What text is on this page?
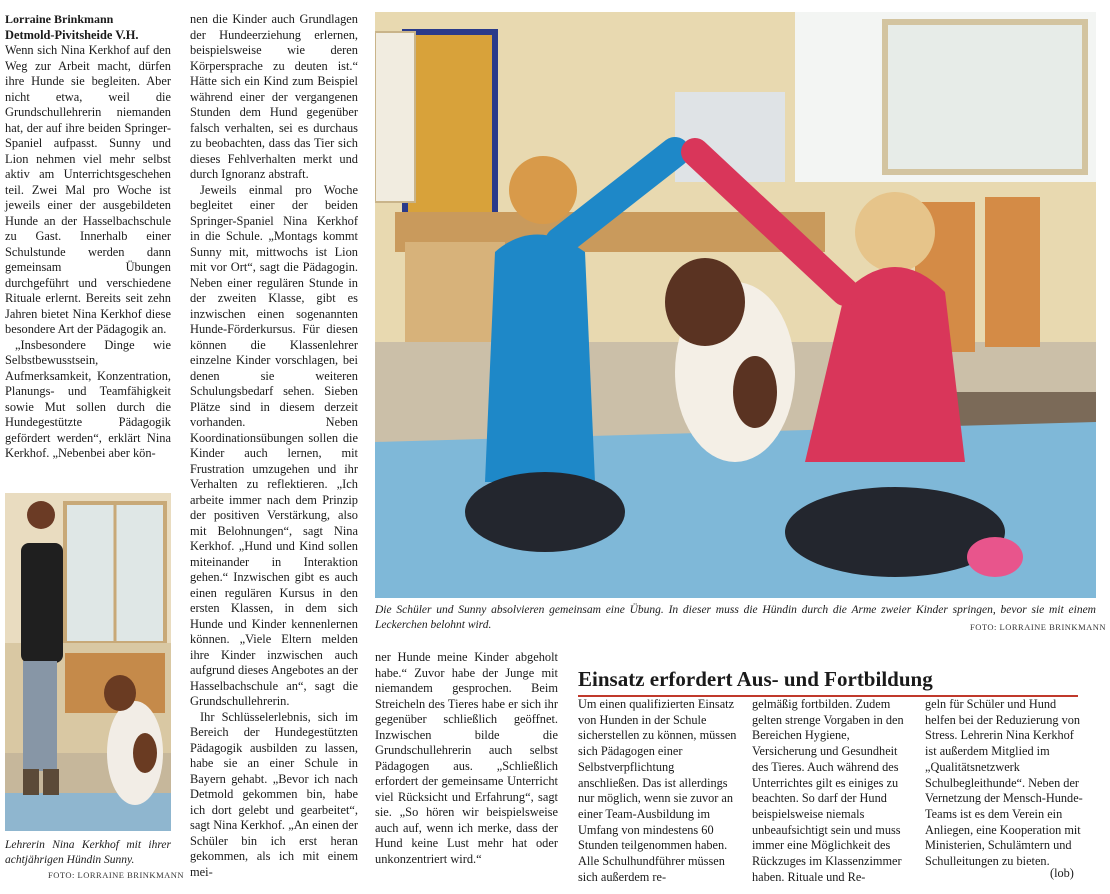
Lorraine Brinkmann

Detmold-Pivitsheide V.H.
Wenn sich Nina Kerkhof auf den Weg zur Arbeit macht, dürfen ihre Hunde sie begleiten. Aber nicht etwa, weil die Grundschullehrerin niemanden hat, der auf ihre beiden Springer-Spaniel aufpasst. Sunny und Lion nehmen viel mehr selbst aktiv am Unterrichtsgeschehen teil. Zwei Mal pro Woche ist jeweils einer der ausgebildeten Hunde an der Hasselbachschule zu Gast. Innerhalb einer Schulstunde werden dann gemeinsam Übungen durchgeführt und verschiedene Rituale erlernt. Bereits seit zehn Jahren bietet Nina Kerkhof diese besondere Art der Pädagogik an.

„Insbesondere Dinge wie Selbstbewusstsein, Aufmerksamkeit, Konzentration, Planungs- und Teamfähigkeit sowie Mut sollen durch die Hundegestützte Pädagogik gefördert werden“, erklärt Nina Kerkhof. „Nebenbei aber kön-

Lehrerin Nina Kerkhof mit ihrer achtjährigen Hündin Sunny.
FOTO: LORRAINE BRINKMANN

nen die Kinder auch Grundlagen der Hundeerziehung erlernen, beispielsweise wie deren Körpersprache zu deuten ist.“ Hätte sich ein Kind zum Beispiel während einer der vergangenen Stunden dem Hund gegenüber falsch verhalten, sei es durchaus zu beobachten, dass das Tier sich dieses Fehlverhalten merkt und durch Ignoranz abstraft.

Jeweils einmal pro Woche begleitet einer der beiden Springer-Spaniel Nina Kerkhof in die Schule. „Montags kommt Sunny mit, mittwochs ist Lion mit vor Ort“, sagt die Pädagogin. Neben einer regulären Stunde in der zweiten Klasse, gibt es inzwischen einen sogenannten Hunde-Förderkursus. Für diesen können die Klassenlehrer einzelne Kinder vorschlagen, bei denen sie weiteren Schulungsbedarf sehen. Sieben Plätze sind in diesem derzeit vorhanden. Neben Koordinationsübungen sollen die Kinder auch lernen, mit Frustration umzugehen und ihr Verhalten zu reflektieren. „Ich arbeite immer nach dem Prinzip der positiven Verstärkung, also mit Belohnungen“, sagt Nina Kerkhof. „Hund und Kind sollen miteinander in Interaktion gehen.“ Inzwischen gibt es auch einen regulären Kursus in den ersten Klassen, in dem sich Hunde und Kinder kennenlernen können. „Viele Eltern melden ihre Kinder inzwischen auch aufgrund dieses Angebotes an der Hasselbachschule an“, sagt die Grundschullehrerin.

Ihr Schlüsselerlebnis, sich im Bereich der Hundegestützten Pädagogik ausbilden zu lassen, habe sie an einer Schule in Bayern gehabt. „Bevor ich nach Detmold gekommen bin, habe ich dort gelebt und gearbeitet“, sagt Nina Kerkhof. „An einen der Schüler bin ich erst heran gekommen, als ich mit einem mei-

Die Schüler und Sunny absolvieren gemeinsam eine Übung. In dieser muss die Hündin durch die Arme zweier Kinder springen, bevor sie mit einem Leckerchen belohnt wird.	FOTO: LORRAINE BRINKMANN

ner Hunde meine Kinder abgeholt habe.“ Zuvor habe der Junge mit niemandem gesprochen. Beim Streicheln des Tieres habe er sich ihr gegenüber schließlich geöffnet. Inzwischen bilde die Grundschullehrerin auch selbst Pädagogen aus. „Schließlich erfordert der gemeinsame Unterricht viel Rücksicht und Erfahrung“, sagt sie. „So hören wir beispielsweise auch auf, wenn ich merke, dass der Hund keine Lust mehr hat oder unkonzentriert wird.“

Einsatz erfordert Aus- und Fortbildung

Um einen qualifizierten Einsatz von Hunden in der Schule sicherstellen zu können, müssen sich Pädagogen einer Selbstverpflichtung anschließen. Das ist allerdings nur möglich, wenn sie zuvor an einer Team-Ausbildung im Umfang von mindestens 60 Stunden teilgenommen haben. Alle Schulhundführer müssen sich außerdem re-

gelmäßig fortbilden. Zudem gelten strenge Vorgaben in den Bereichen Hygiene, Versicherung und Gesundheit des Tieres. Auch während des Unterrichtes gilt es einiges zu beachten. So darf der Hund beispielsweise niemals unbeaufsichtigt sein und muss immer eine Möglichkeit des Rückzuges im Klassenzimmer haben. Rituale und Re-

geln für Schüler und Hund helfen bei der Reduzierung von Stress. Lehrerin Nina Kerkhof ist außerdem Mitglied im „Qualitätsnetzwerk Schulbegleithunde“. Neben der Vernetzung der Mensch-Hunde-Teams ist es dem Verein ein Anliegen, eine Kooperation mit Ministerien, Schulämtern und Schulleitungen zu bieten.

(lob)
